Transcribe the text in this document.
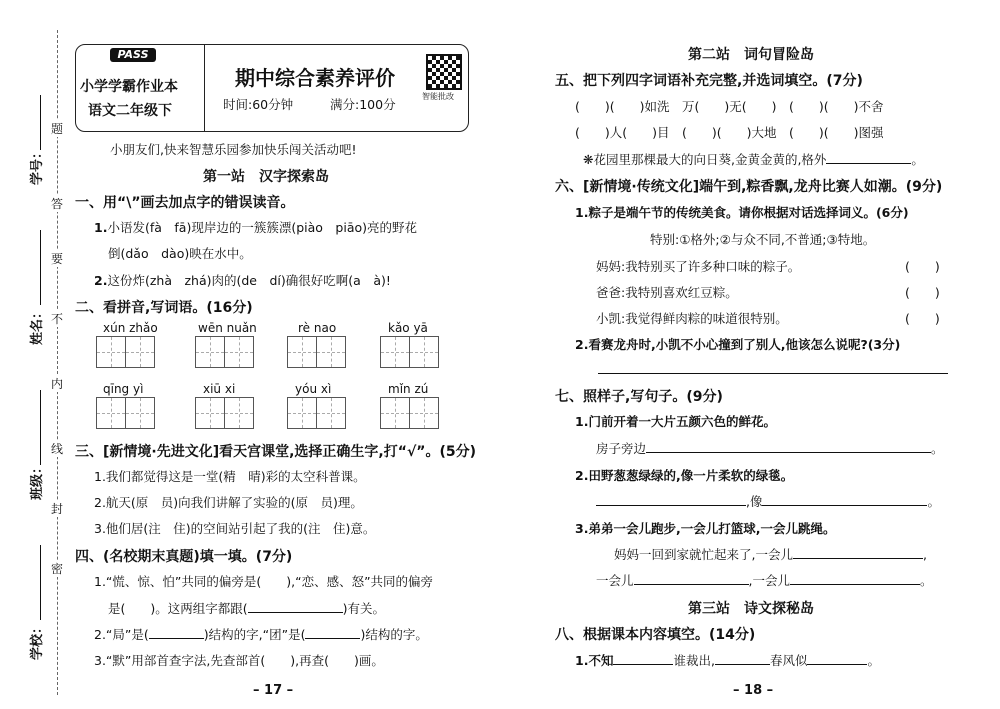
题
答
要
不
内
线
封
密
学号：
姓名：
班级：
学校：
PASS
小学学霸作业本
语文二年级下
期中综合素养评价
时间:60分钟	满分:100分
智能批改
小朋友们,快来智慧乐园参加快乐闯关活动吧!
第一站　汉字探索岛
一、用“\”画去加点字的错误读音。
1.小语发(fà　fā)现岸边的一簇簇漂(piào　piāo)亮的野花
倒(dǎo　dào)映在水中。
2.这份炸(zhà　zhá)肉的(de　dí)确很好吃啊(a　à)!
二、看拼音,写词语。(16分)
xún zhǎo	wēn nuǎn	rè nao	kǎo yā
qīng yì	xiū xi	yóu xì	mǐn zú
三、[新情境·先进文化]看天宫课堂,选择正确生字,打“√”。(5分)
1.我们都觉得这是一堂(精　晴)彩的太空科普课。
2.航天(原　员)向我们讲解了实验的(原　员)理。
3.他们居(注　住)的空间站引起了我的(注　住)意。
四、(名校期末真题)填一填。(7分)
1.“慌、惊、怕”共同的偏旁是(　　),“恋、感、怒”共同的偏旁
是(　　)。这两组字都跟(	)有关。
2.“局”是(	)结构的字,“团”是(	)结构的字。
3.“默”用部首查字法,先查部首(　　),再查(　　)画。
– 17 –
第二站　词句冒险岛
五、把下列四字词语补充完整,并选词填空。(7分)
(　　)(　　)如洗　万(　　)无(　　)　(　　)(　　)不舍
(　　)人(　　)目　(　　)(　　)大地　(　　)(　　)图强
❋花园里那棵最大的向日葵,金黄金黄的,格外	。
六、[新情境·传统文化]端午到,粽香飘,龙舟比赛人如潮。(9分)
1.粽子是端午节的传统美食。请你根据对话选择词义。(6分)
特别:①格外;②与众不同,不普通;③特地。
妈妈:我特别买了许多种口味的粽子。	(　　)
爸爸:我特别喜欢红豆粽。	(　　)
小凯:我觉得鲜肉粽的味道很特别。	(　　)
2.看赛龙舟时,小凯不小心撞到了别人,他该怎么说呢?(3分)
七、照样子,写句子。(9分)
1.门前开着一大片五颜六色的鲜花。
房子旁边	。
2.田野葱葱绿绿的,像一片柔软的绿毯。
,像	。
3.弟弟一会儿跑步,一会儿打篮球,一会儿跳绳。
妈妈一回到家就忙起来了,一会儿	,
一会儿	,一会儿	。
第三站　诗文探秘岛
八、根据课本内容填空。(14分)
1.不知	谁裁出,	春风似	。
– 18 –
